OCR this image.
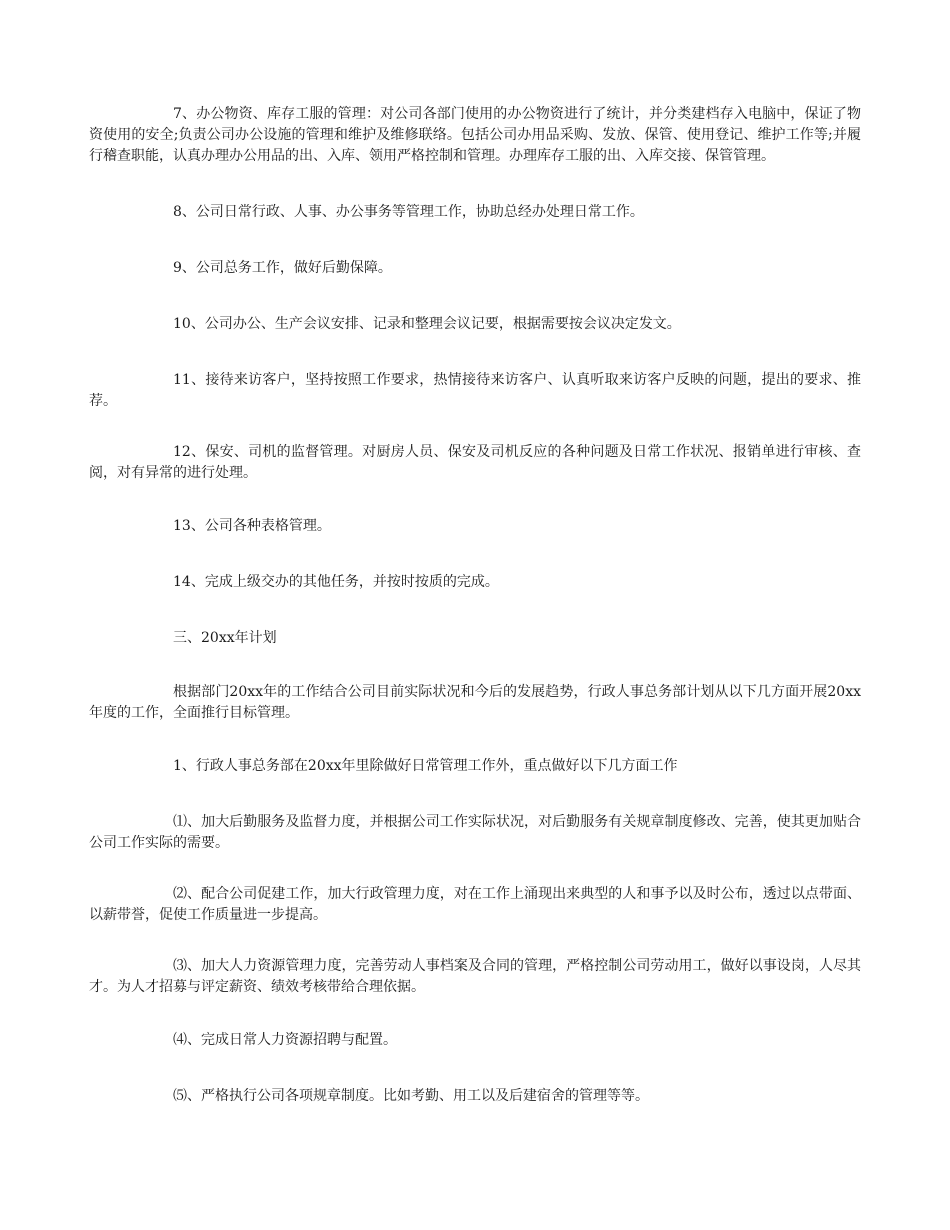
7、办公物资、库存工服的管理：对公司各部门使用的办公物资进行了统计，并分类建档存入电脑中，保证了物资使用的安全;负责公司办公设施的管理和维护及维修联络。包括公司办用品采购、发放、保管、使用登记、维护工作等;并履行稽查职能，认真办理办公用品的出、入库、领用严格控制和管理。办理库存工服的出、入库交接、保管管理。

8、公司日常行政、人事、办公事务等管理工作，协助总经办处理日常工作。

9、公司总务工作，做好后勤保障。

10、公司办公、生产会议安排、记录和整理会议记要，根据需要按会议决定发文。

11、接待来访客户，坚持按照工作要求，热情接待来访客户、认真听取来访客户反映的问题，提出的要求、推荐。

12、保安、司机的监督管理。对厨房人员、保安及司机反应的各种问题及日常工作状况、报销单进行审核、查阅，对有异常的进行处理。

13、公司各种表格管理。

14、完成上级交办的其他任务，并按时按质的完成。

三、20xx年计划

根据部门20xx年的工作结合公司目前实际状况和今后的发展趋势，行政人事总务部计划从以下几方面开展20xx年度的工作，全面推行目标管理。

1、行政人事总务部在20xx年里除做好日常管理工作外，重点做好以下几方面工作

⑴、加大后勤服务及监督力度，并根据公司工作实际状况，对后勤服务有关规章制度修改、完善，使其更加贴合公司工作实际的需要。

⑵、配合公司促建工作，加大行政管理力度，对在工作上涌现出来典型的人和事予以及时公布，透过以点带面、以薪带誉，促使工作质量进一步提高。

⑶、加大人力资源管理力度，完善劳动人事档案及合同的管理，严格控制公司劳动用工，做好以事设岗，人尽其才。为人才招募与评定薪资、绩效考核带给合理依据。

⑷、完成日常人力资源招聘与配置。

⑸、严格执行公司各项规章制度。比如考勤、用工以及后建宿舍的管理等等。
